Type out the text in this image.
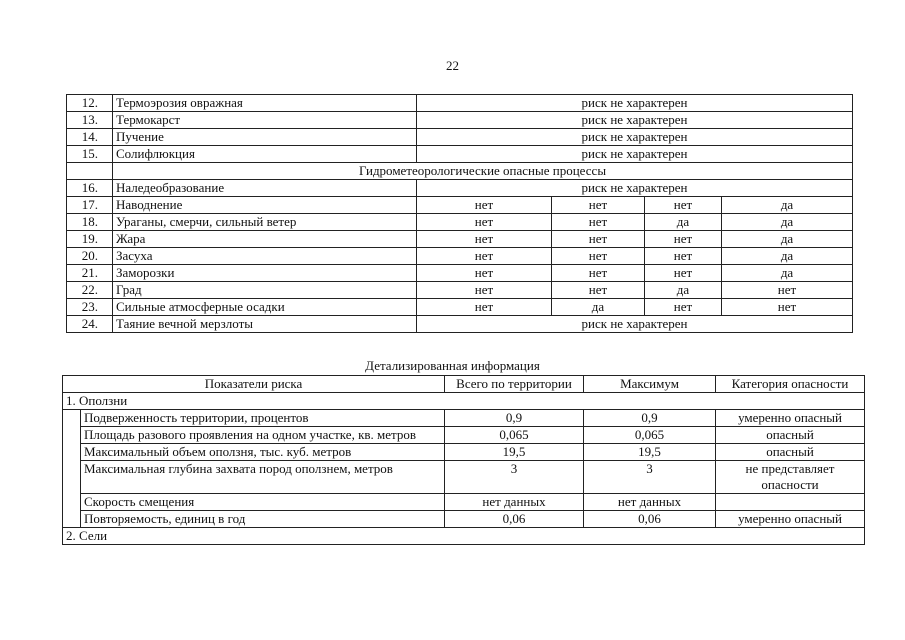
22
12.	Термоэрозия овражная	риск не характерен			
13.	Термокарст	риск не характерен			
14.	Пучение	риск не характерен			
15.	Солифлюкция	риск не характерен			
	Гидрометеорологические опасные процессы				
16.	Наледеобразование	риск не характерен			
17.	Наводнение	нет	нет	нет	да
18.	Ураганы, смерчи, сильный ветер	нет	нет	да	да
19.	Жара	нет	нет	нет	да
20.	Засуха	нет	нет	нет	да
21.	Заморозки	нет	нет	нет	да
22.	Град	нет	нет	да	нет
23.	Сильные атмосферные осадки	нет	да	нет	нет
24.	Таяние вечной мерзлоты	риск не характерен			
Детализированная информация
Показатели риска		Всего по территории	Максимум	Категория опасности
1. Оползни				
	Подверженность территории, процентов	0,9	0,9	умеренно опасный
	Площадь разового проявления на одном участке, кв. метров	0,065	0,065	опасный
	Максимальный объем оползня, тыс. куб. метров	19,5	19,5	опасный
	Максимальная глубина захвата пород оползнем, метров	3	3	не представляет опасности
	Скорость смещения	нет данных	нет данных	
	Повторяемость, единиц в год	0,06	0,06	умеренно опасный
2. Сели				
